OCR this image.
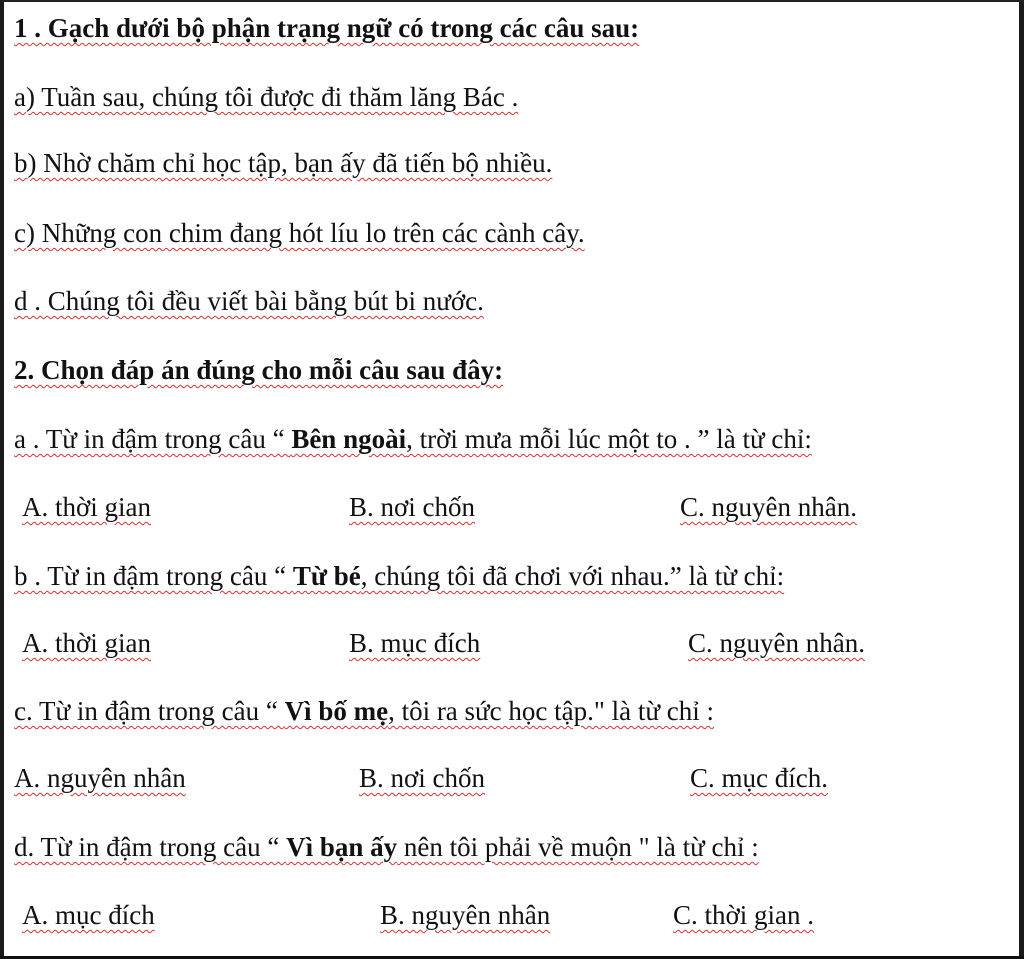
1 . Gạch dưới bộ phận trạng ngữ có trong các câu sau:
a) Tuần sau, chúng tôi được đi thăm lăng Bác .
b) Nhờ chăm chỉ học tập, bạn ấy đã tiến bộ nhiều.
c) Những con chim đang hót líu lo trên các cành cây.
d . Chúng tôi đều viết bài bằng bút bi nước.
2. Chọn đáp án đúng cho mỗi câu sau đây:
a . Từ in đậm trong câu “ Bên ngoài, trời mưa mỗi lúc một to . ” là từ chỉ:
A. thời gian	B. nơi chốn	C. nguyên nhân.
b . Từ in đậm trong câu “ Từ bé, chúng tôi đã chơi với nhau.” là từ chỉ:
A. thời gian	B. mục đích	C. nguyên nhân.
c. Từ in đậm trong câu “ Vì bố mẹ, tôi ra sức học tập." là từ chỉ :
A. nguyên nhân	B. nơi chốn	C. mục đích.
d. Từ in đậm trong câu “ Vì bạn ấy nên tôi phải về muộn " là từ chỉ :
A. mục đích	B. nguyên nhân	C. thời gian .
